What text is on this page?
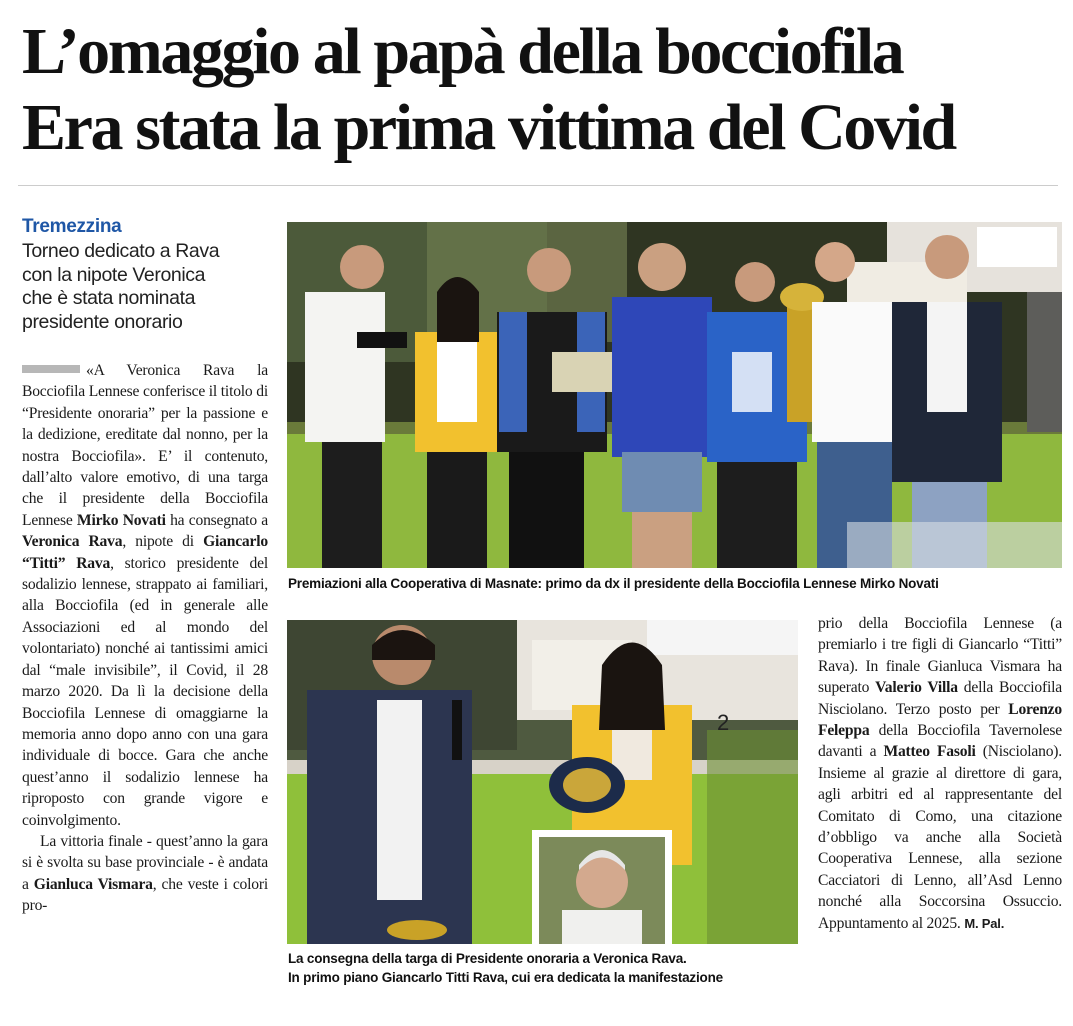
L’omaggio al papà della bocciofila
Era stata la prima vittima del Covid
Tremezzina
Torneo dedicato a Rava
con la nipote Veronica
che è stata nominata
presidente onorario

«A Veronica Rava la Bocciofila Lennese conferisce il titolo di “Presidente onoraria” per la passione e la dedizione, ereditate dal nonno, per la nostra Bocciofila». E’ il contenuto, dall’alto valore emotivo, di una targa che il presidente della Bocciofila Lennese Mirko Novati ha consegnato a Veronica Rava, nipote di Giancarlo “Titti” Rava, storico presidente del sodalizio lennese, strappato ai familiari, alla Bocciofila (ed in generale alle Associazioni ed al mondo del volontariato) nonché ai tantissimi amici dal “male invisibile”, il Covid, il 28 marzo 2020. Da lì la decisione della Bocciofila Lennese di omaggiarne la memoria anno dopo anno con una gara individuale di bocce. Gara che anche quest’anno il sodalizio lennese ha riproposto con grande vigore e coinvolgimento.

La vittoria finale - quest’anno la gara si è svolta su base provinciale - è andata a Gianluca Vismara, che veste i colori pro-

prio della Bocciofila Lennese (a premiarlo i tre figli di Giancarlo “Titti” Rava). In finale Gianluca Vismara ha superato Valerio Villa della Bocciofila Nisciolano. Terzo posto per Lorenzo Feleppa della Bocciofila Tavernolese davanti a Matteo Fasoli (Nisciolano). Insieme al grazie al direttore di gara, agli arbitri ed al rappresentante del Comitato di Como, una citazione d’obbligo va anche alla Società Cooperativa Lennese, alla sezione Cacciatori di Lenno, all’Asd Lenno nonché alla Soccorsina Ossuccio. Appuntamento al 2025. M. Pal.

Premiazioni alla Cooperativa di Masnate: primo da dx il presidente della Bocciofila Lennese Mirko Novati
2
La consegna della targa di Presidente onoraria a Veronica Rava.
In primo piano Giancarlo Titti Rava, cui era dedicata la manifestazione
